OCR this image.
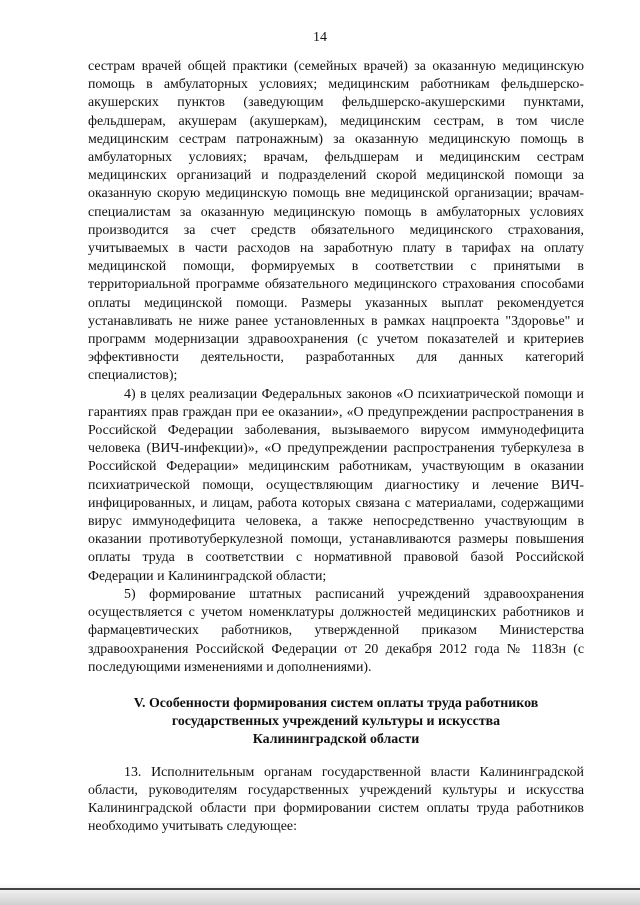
14

сестрам врачей общей практики (семейных врачей) за оказанную медицинскую помощь в амбулаторных условиях; медицинским работникам фельдшерско-акушерских пунктов (заведующим фельдшерско-акушерскими пунктами, фельдшерам, акушерам (акушеркам), медицинским сестрам, в том числе медицинским сестрам патронажным) за оказанную медицинскую помощь в амбулаторных условиях; врачам, фельдшерам и медицинским сестрам медицинских организаций и подразделений скорой медицинской помощи за оказанную скорую медицинскую помощь вне медицинской организации; врачам-специалистам за оказанную медицинскую помощь в амбулаторных условиях производится за счет средств обязательного медицинского страхования, учитываемых в части расходов на заработную плату в тарифах на оплату медицинской помощи, формируемых в соответствии с принятыми в территориальной программе обязательного медицинского страхования способами оплаты медицинской помощи. Размеры указанных выплат рекомендуется устанавливать не ниже ранее установленных в рамках нацпроекта "Здоровье" и программ модернизации здравоохранения (с учетом показателей и критериев эффективности деятельности, разработанных для данных категорий специалистов);

4) в целях реализации Федеральных законов «О психиатрической помощи и гарантиях прав граждан при ее оказании», «О предупреждении распространения в Российской Федерации заболевания, вызываемого вирусом иммунодефицита человека (ВИЧ-инфекции)», «О предупреждении распространения туберкулеза в Российской Федерации» медицинским работникам, участвующим в оказании психиатрической помощи, осуществляющим диагностику и лечение ВИЧ-инфицированных, и лицам, работа которых связана с материалами, содержащими вирус иммунодефицита человека, а также непосредственно участвующим в оказании противотуберкулезной помощи, устанавливаются размеры повышения оплаты труда в соответствии с нормативной правовой базой Российской Федерации и Калининградской области;

5) формирование штатных расписаний учреждений здравоохранения осуществляется с учетом номенклатуры должностей медицинских работников и фармацевтических работников, утвержденной приказом Министерства здравоохранения Российской Федерации от 20 декабря 2012 года № 1183н (с последующими изменениями и дополнениями).

V. Особенности формирования систем оплаты труда работников
государственных учреждений культуры и искусства
Калининградской области

13. Исполнительным органам государственной власти Калининградской области, руководителям государственных учреждений культуры и искусства Калининградской области при формировании систем оплаты труда работников необходимо учитывать следующее:
